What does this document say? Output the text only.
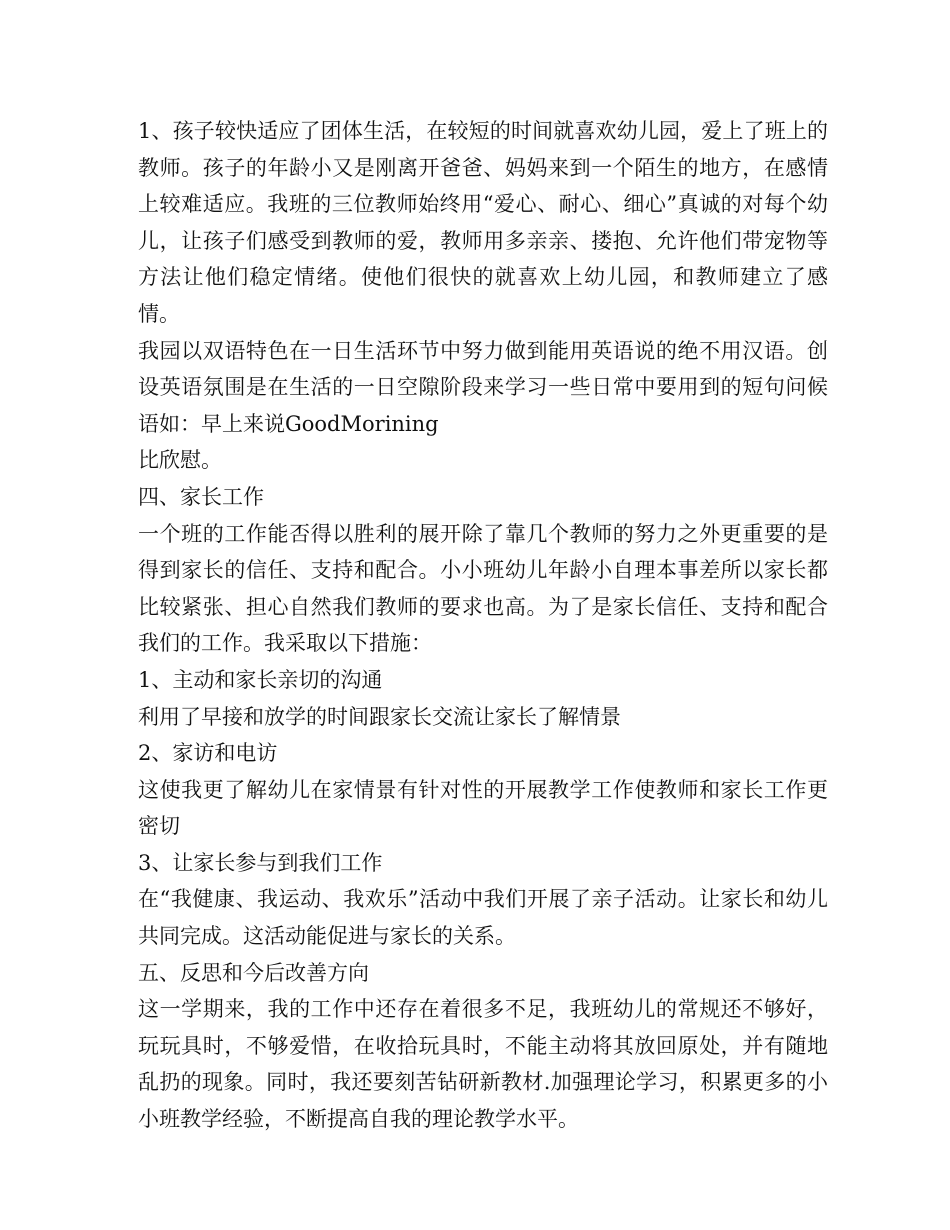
1、孩子较快适应了团体生活，在较短的时间就喜欢幼儿园，爱上了班上的教师。孩子的年龄小又是刚离开爸爸、妈妈来到一个陌生的地方，在感情上较难适应。我班的三位教师始终用“爱心、耐心、细心”真诚的对每个幼儿，让孩子们感受到教师的爱，教师用多亲亲、搂抱、允许他们带宠物等方法让他们稳定情绪。使他们很快的就喜欢上幼儿园，和教师建立了感情。

我园以双语特色在一日生活环节中努力做到能用英语说的绝不用汉语。创设英语氛围是在生活的一日空隙阶段来学习一些日常中要用到的短句问候语如：早上来说GoodMorining

比欣慰。

四、家长工作

一个班的工作能否得以胜利的展开除了靠几个教师的努力之外更重要的是得到家长的信任、支持和配合。小小班幼儿年龄小自理本事差所以家长都比较紧张、担心自然我们教师的要求也高。为了是家长信任、支持和配合我们的工作。我采取以下措施：

1、主动和家长亲切的沟通

利用了早接和放学的时间跟家长交流让家长了解情景

2、家访和电访

这使我更了解幼儿在家情景有针对性的开展教学工作使教师和家长工作更密切

3、让家长参与到我们工作

在“我健康、我运动、我欢乐”活动中我们开展了亲子活动。让家长和幼儿共同完成。这活动能促进与家长的关系。

五、反思和今后改善方向

这一学期来，我的工作中还存在着很多不足，我班幼儿的常规还不够好，玩玩具时，不够爱惜，在收拾玩具时，不能主动将其放回原处，并有随地乱扔的现象。同时，我还要刻苦钻研新教材.加强理论学习，积累更多的小小班教学经验，不断提高自我的理论教学水平。
